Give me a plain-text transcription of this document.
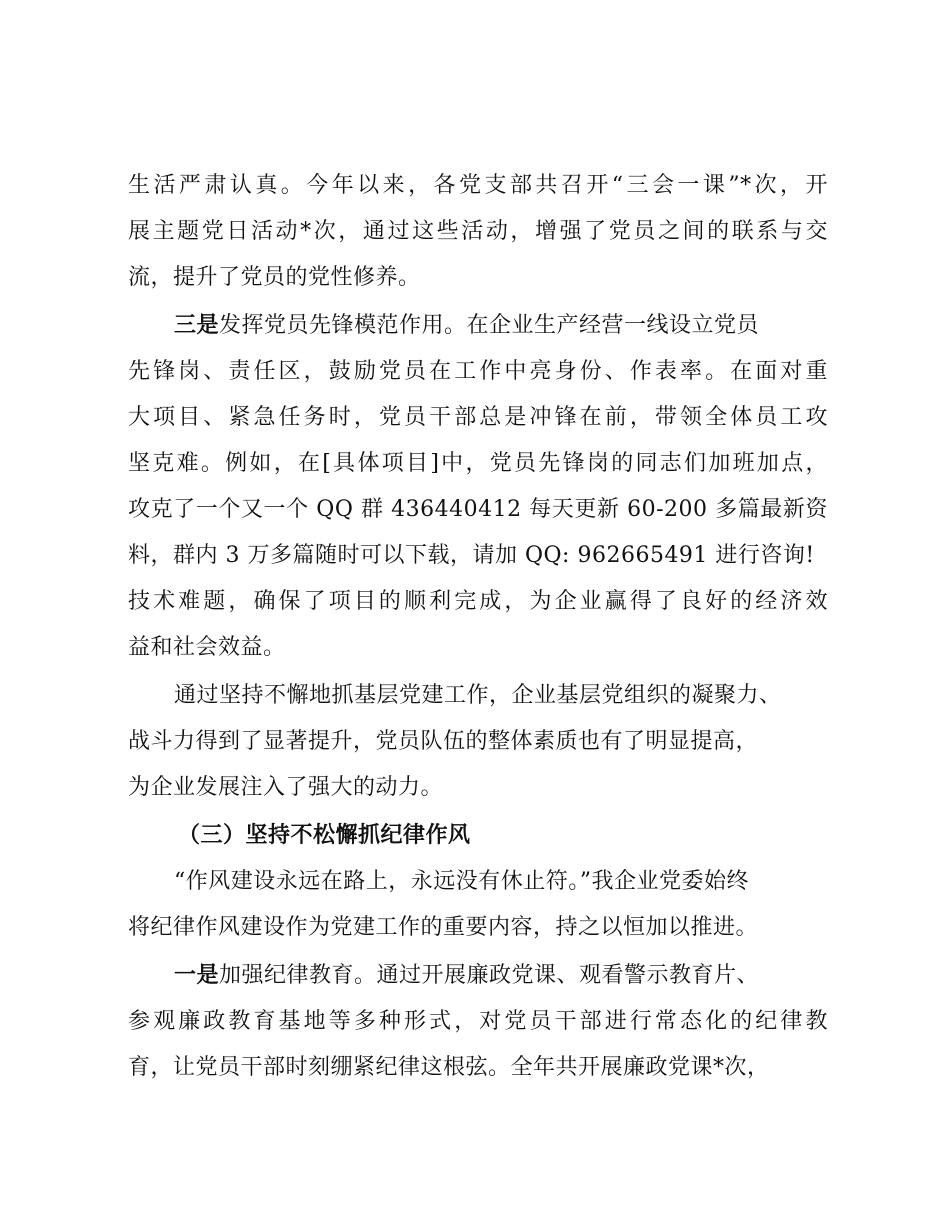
生活严肃认真。今年以来，各党支部共召开“三会一课”*次，开
展主题党日活动*次，通过这些活动，增强了党员之间的联系与交
流，提升了党员的党性修养。
三是发挥党员先锋模范作用。在企业生产经营一线设立党员
先锋岗、责任区，鼓励党员在工作中亮身份、作表率。在面对重
大项目、紧急任务时，党员干部总是冲锋在前，带领全体员工攻
坚克难。例如，在[具体项目]中，党员先锋岗的同志们加班加点，
攻克了一个又一个 QQ 群 436440412 每天更新 60-200 多篇最新资
料，群内 3 万多篇随时可以下载，请加 QQ: 962665491 进行咨询!
技术难题，确保了项目的顺利完成，为企业赢得了良好的经济效
益和社会效益。
通过坚持不懈地抓基层党建工作，企业基层党组织的凝聚力、
战斗力得到了显著提升，党员队伍的整体素质也有了明显提高，
为企业发展注入了强大的动力。
（三）坚持不松懈抓纪律作风
“作风建设永远在路上，永远没有休止符。”我企业党委始终
将纪律作风建设作为党建工作的重要内容，持之以恒加以推进。
一是加强纪律教育。通过开展廉政党课、观看警示教育片、
参观廉政教育基地等多种形式，对党员干部进行常态化的纪律教
育，让党员干部时刻绷紧纪律这根弦。全年共开展廉政党课*次，
